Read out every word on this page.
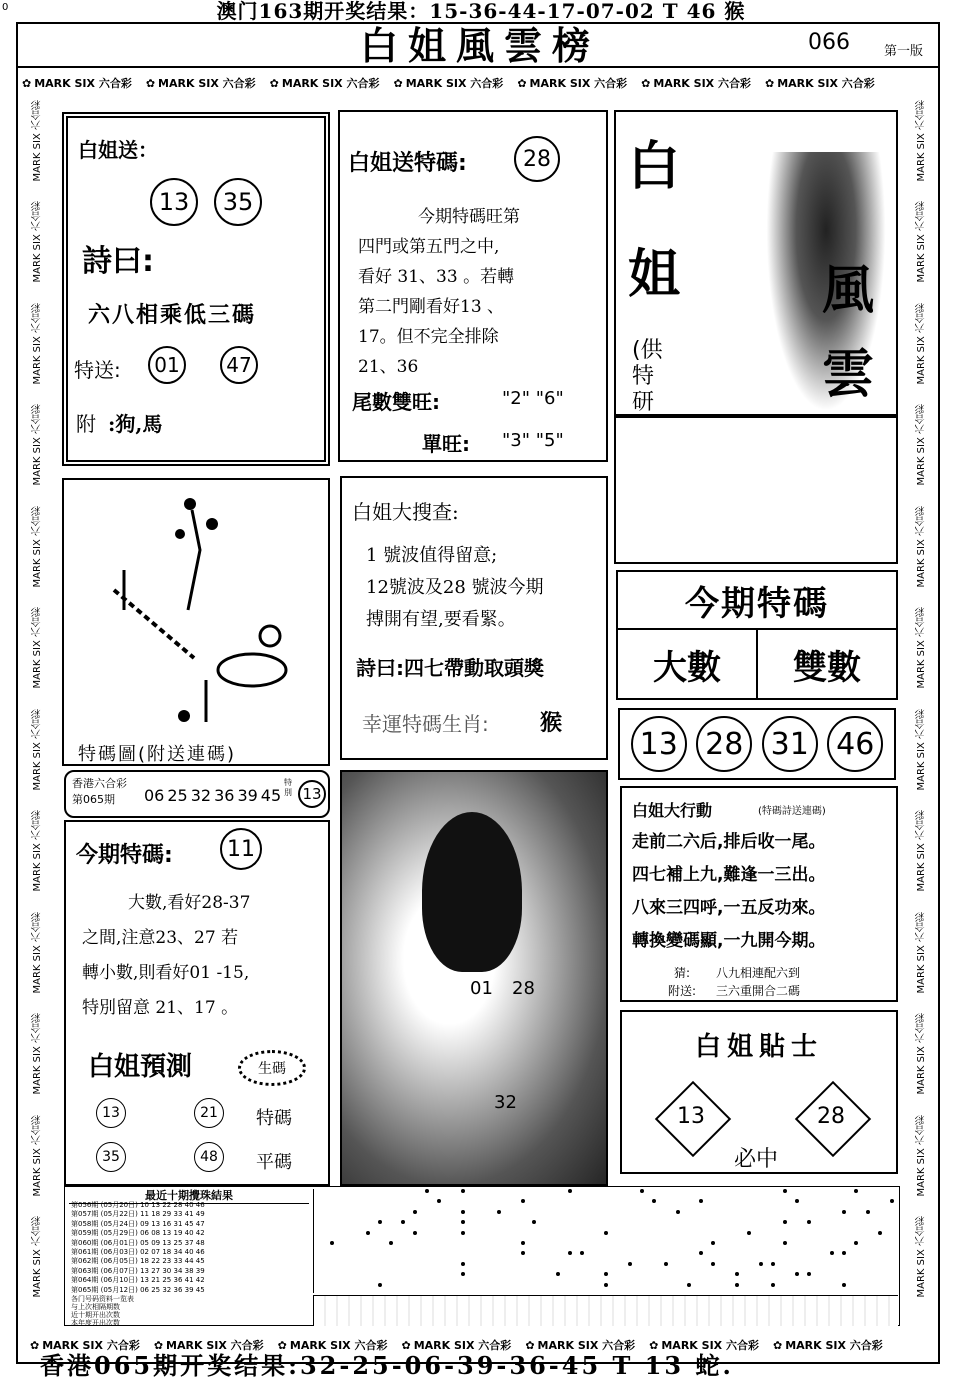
0	澳门163期开奖结果：15-36-44-17-07-02 T 46 猴
白姐風雲榜	066	第一版
✿ MARK SIX 六合彩 ✿ MARK SIX 六合彩 ✿ MARK SIX 六合彩 ✿ MARK SIX 六合彩 ✿ MARK SIX 六合彩 ✿ MARK SIX 六合彩 ✿ MARK SIX 六合彩
MARK SIX 六合彩
MARK SIX 六合彩
MARK SIX 六合彩
MARK SIX 六合彩
MARK SIX 六合彩
MARK SIX 六合彩
MARK SIX 六合彩
MARK SIX 六合彩
MARK SIX 六合彩
MARK SIX 六合彩
MARK SIX 六合彩
MARK SIX 六合彩
MARK SIX 六合彩
MARK SIX 六合彩
MARK SIX 六合彩
MARK SIX 六合彩
MARK SIX 六合彩
MARK SIX 六合彩
MARK SIX 六合彩
MARK SIX 六合彩
MARK SIX 六合彩
MARK SIX 六合彩
MARK SIX 六合彩
MARK SIX 六合彩
白姐送：
13	35
詩曰:
六八相乘低三碼
特送:	01	47
附 :狗,馬
白姐送特碼:	28
今期特碼旺第
四門或第五門之中,
看好 31、33 。若轉
第二門剛看好13 、
17。但不完全排除
21、36
尾數雙旺:	"2" "6"
單旺: "3" "5"
白
姐	風
雲
(供特研
特碼圖(附送連碼)
白姐大搜查:
1 號波值得留意;
12號波及28 號波今期
搏開有望,要看緊。
詩曰:四七帶動取頭獎
幸運特碼生肖: 猴
今期特碼
大數	雙數
13 28 31 46
香港六合彩
第065期	06 25 32 36 39 45
特別 13
01 28
32
今期特碼:	11
大數,看好28-37
之間,注意23、27 若
轉小數,則看好01 -15,
特別留意 21、17 。
白姐預測	生碼
13	21	特碼
35	48	平碼
白姐大行動	(特碼詩送連碼)
走前二六后,排后收一尾。
四七補上九,難逢一三出。
八來三四呼,一五反功來。
轉換變碼顯,一九開今期。
猜: 八九相連配六到
附送: 三六重開合二碼
白姐貼士
13	28
必中
最近十期攪珠結果
第056期 (05月20日) 10 13 22 28 40 46
第057期 (05月22日) 11 18 29 33 41 49
第058期 (05月24日) 09 13 16 31 45 47
第059期 (05月29日) 06 08 13 19 40 42
第060期 (06月01日) 05 09 13 25 37 48
第061期 (06月03日) 02 07 18 34 40 46
第062期 (06月05日) 18 22 23 33 44 45
第063期 (06月07日) 13 27 30 34 38 39
第064期 (06月10日) 13 21 25 36 41 42
第065期 (05月12日) 06 25 32 36 39 45
各门号码资料一览表
与上次相隔期数
近十期开出次数
本年度开出次数
✿ MARK SIX 六合彩 ✿ MARK SIX 六合彩 ✿ MARK SIX 六合彩 ✿ MARK SIX 六合彩 ✿ MARK SIX 六合彩 ✿ MARK SIX 六合彩 ✿ MARK SIX 六合彩
香港065期开奖结果:32-25-06-39-36-45 T 13 蛇.
